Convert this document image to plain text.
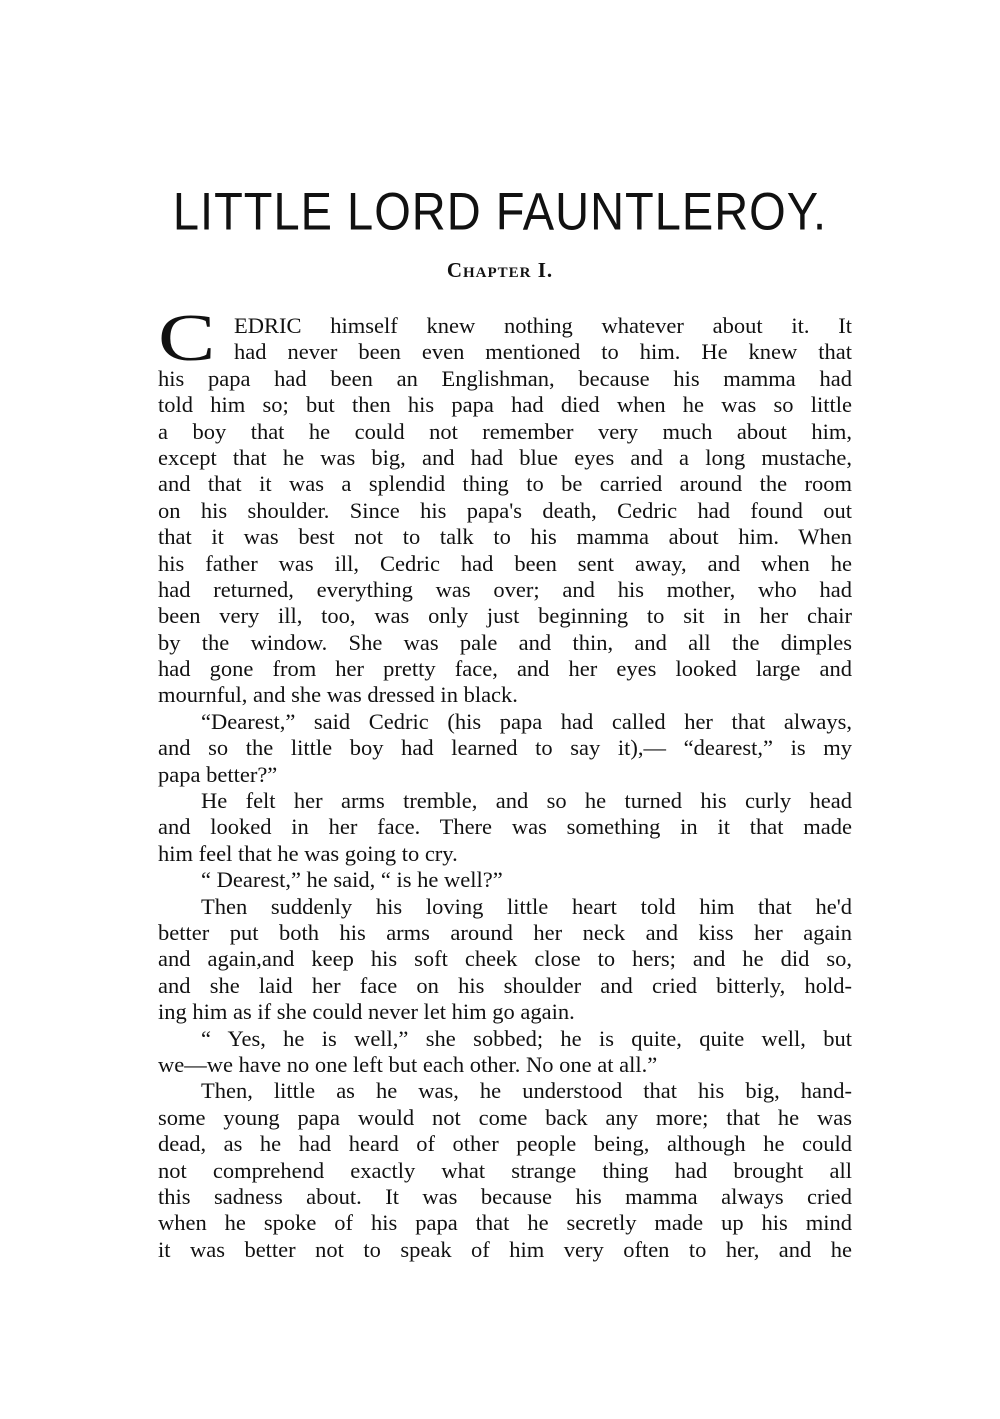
LITTLE LORD FAUNTLEROY.
Chapter I.
C EDRIC himself knew nothing whatever about it. It
had never been even mentioned to him. He knew that
his papa had been an Englishman, because his mamma had
told him so; but then his papa had died when he was so little
a boy that he could not remember very much about him,
except that he was big, and had blue eyes and a long mustache,
and that it was a splendid thing to be carried around the room
on his shoulder. Since his papa's death, Cedric had found out
that it was best not to talk to his mamma about him. When
his father was ill, Cedric had been sent away, and when he
had returned, everything was over; and his mother, who had
been very ill, too, was only just beginning to sit in her chair
by the window. She was pale and thin, and all the dimples
had gone from her pretty face, and her eyes looked large and
mournful, and she was dressed in black.
“Dearest,” said Cedric (his papa had called her that always,
and so the little boy had learned to say it),— “dearest,” is my
papa better?”
He felt her arms tremble, and so he turned his curly head
and looked in her face. There was something in it that made
him feel that he was going to cry.
“ Dearest,” he said, “ is he well?”
Then suddenly his loving little heart told him that he'd
better put both his arms around her neck and kiss her again
and again,and keep his soft cheek close to hers; and he did so,
and she laid her face on his shoulder and cried bitterly, hold-
ing him as if she could never let him go again.
“ Yes, he is well,” she sobbed; he is quite, quite well, but
we—we have no one left but each other. No one at all.”
Then, little as he was, he understood that his big, hand-
some young papa would not come back any more; that he was
dead, as he had heard of other people being, although he could
not comprehend exactly what strange thing had brought all
this sadness about. It was because his mamma always cried
when he spoke of his papa that he secretly made up his mind
it was better not to speak of him very often to her, and he
